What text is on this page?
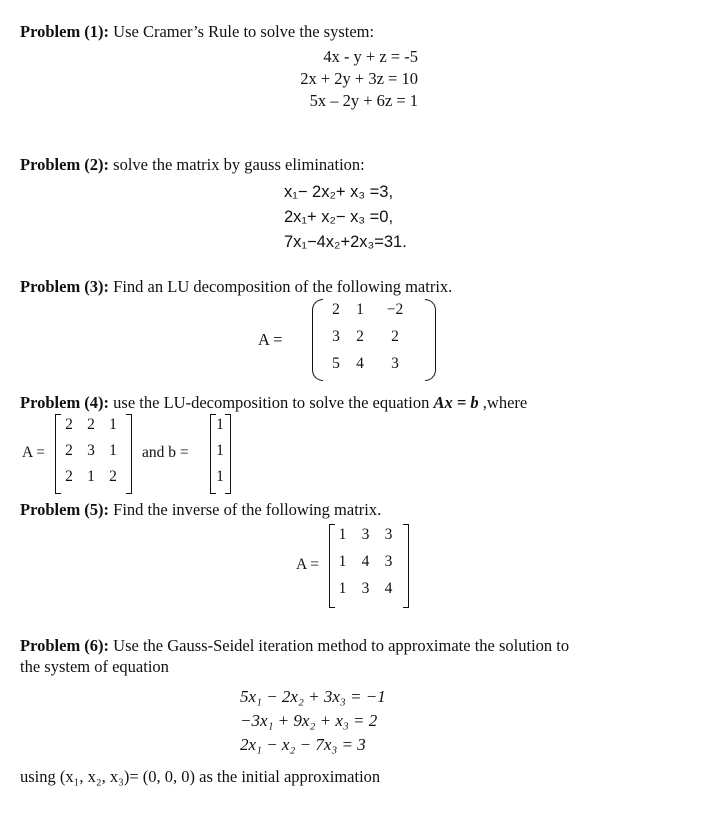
Problem (1): Use Cramer’s Rule to solve the system:
4x - y + z = -5
2x + 2y + 3z = 10
5x – 2y + 6z = 1
Problem (2): solve the matrix by gauss elimination:
x₁− 2x₂+ x₃ =3,
2x₁+ x₂− x₃ =0,
7x₁−4x₂+2x₃=31.
Problem (3): Find an LU decomposition of the following matrix.
A =
2	1	−2
3	2	2
5	4	3
Problem (4): use the LU-decomposition to solve the equation Ax = b ,where
A =
2 2 1
2 3 1
2 1 2
and b =
1
1
1
Problem (5): Find the inverse of the following matrix.
A =
1 3 3
1 4 3
1 3 4
Problem (6): Use the Gauss-Seidel iteration method to approximate the solution to
the system of equation
5x₁ − 2x₂ + 3x₃ = −1
−3x₁ + 9x₂ + x₃ = 2
2x₁ − x₂ − 7x₃ = 3
using (x₁, x₂, x₃)= (0, 0, 0) as the initial approximation
